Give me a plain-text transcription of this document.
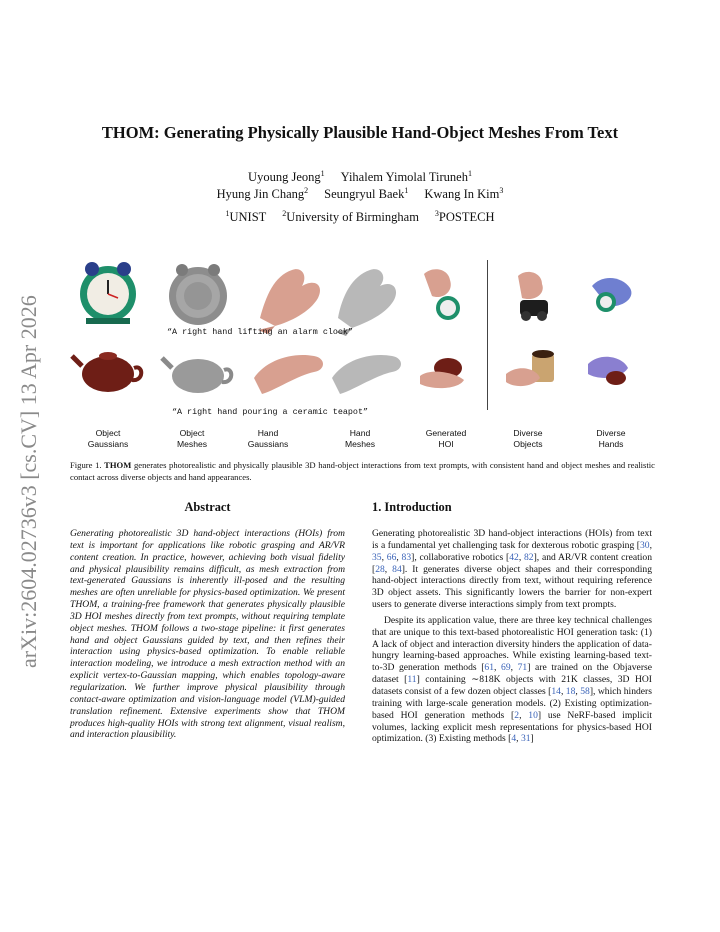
arXiv:2604.02736v3 [cs.CV] 13 Apr 2026
THOM: Generating Physically Plausible Hand-Object Meshes From Text
Uyoung Jeong$^1$ Yihalem Yimolal Tiruneh$^1$
Hyung Jin Chang$^2$ Seungryul Baek$^1$ Kwang In Kim$^3$
$^1$UNIST $^2$University of Birmingham $^3$POSTECH
“A right hand lifting an alarm clock”
“A right hand pouring a ceramic teapot”
Object
Gaussians
Object
Meshes
Hand
Gaussians
Hand
Meshes
Generated
HOI
Diverse
Objects
Diverse
Hands
Figure 1. THOM generates photorealistic and physically plausible 3D hand-object interactions from text prompts, with consistent hand and object meshes and realistic contact across diverse objects and hand appearances.
Abstract
Generating photorealistic 3D hand-object interactions (HOIs) from text is important for applications like robotic grasping and AR/VR content creation. In practice, however, achieving both visual fidelity and physical plausibility remains difficult, as mesh extraction from text-generated Gaussians is inherently ill-posed and the resulting meshes are often unreliable for physics-based optimization. We present THOM, a training-free framework that generates physically plausible 3D HOI meshes directly from text prompts, without requiring template object meshes. THOM follows a two-stage pipeline: it first generates hand and object Gaussians guided by text, and then refines their interaction using physics-based optimization. To enable reliable interaction modeling, we introduce a mesh extraction method with an explicit vertex-to-Gaussian mapping, which enables topology-aware regularization. We further improve physical plausibility through contact-aware optimization and vision-language model (VLM)-guided translation refinement. Extensive experiments show that THOM produces high-quality HOIs with strong text alignment, visual realism, and interaction plausibility.
1. Introduction

Generating photorealistic 3D hand-object interactions (HOIs) from text is a fundamental yet challenging task for dexterous robotic grasping [30, 35, 66, 83], collaborative robotics [42, 82], and AR/VR content creation [28, 84]. It generates diverse object shapes and their corresponding hand-object interactions directly from text, without requiring reference 3D object assets. This significantly lowers the barrier for non-expert users to generate diverse interactions simply from text prompts.

Despite its application value, there are three key technical challenges that are unique to this text-based photorealistic HOI generation task: (1) A lack of object and interaction diversity hinders the application of data-hungry learning-based approaches. While existing learning-based text-to-3D generation methods [61, 69, 71] are trained on the Objaverse dataset [11] containing ∼818K objects with 21K classes, 3D HOI datasets consist of a few dozen object classes [14, 18, 58], which hinders training with large-scale generation models. (2) Existing optimization-based HOI generation methods [2, 10] use NeRF-based implicit volumes, lacking explicit mesh representations for physics-based HOI optimization. (3) Existing methods [4, 31]
